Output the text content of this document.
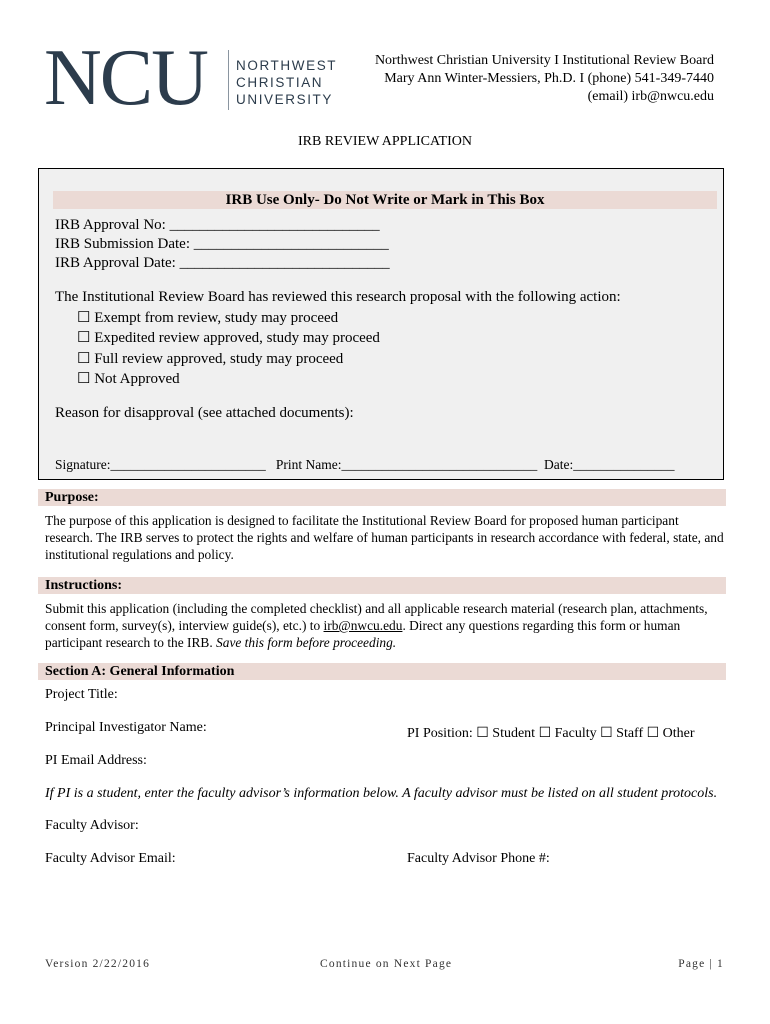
NCU NORTHWEST
CHRISTIAN
UNIVERSITY
Northwest Christian University I Institutional Review Board
Mary Ann Winter-Messiers, Ph.D. I (phone) 541-349-7440
(email) irb@nwcu.edu
IRB REVIEW APPLICATION
IRB Use Only- Do Not Write or Mark in This Box
IRB Approval No: ____________________________
IRB Submission Date: __________________________
IRB Approval Date: ____________________________
The Institutional Review Board has reviewed this research proposal with the following action:
☐ Exempt from review, study may proceed
☐ Expedited review approved, study may proceed
☐ Full review approved, study may proceed
☐ Not Approved
Reason for disapproval (see attached documents):
Signature:_______________________   Print Name:_____________________________  Date:_______________
Purpose:
The purpose of this application is designed to facilitate the Institutional Review Board for proposed human participant research. The IRB serves to protect the rights and welfare of human participants in research accordance with federal, state, and institutional regulations and policy.
Instructions:
Submit this application (including the completed checklist) and all applicable research material (research plan, attachments, consent form, survey(s), interview guide(s), etc.) to irb@nwcu.edu. Direct any questions regarding this form or human participant research to the IRB. Save this form before proceeding.
Section A: General Information
Project Title:
Principal Investigator Name:	PI Position: ☐ Student ☐ Faculty ☐ Staff ☐ Other
PI Email Address:
If PI is a student, enter the faculty advisor’s information below. A faculty advisor must be listed on all student protocols.
Faculty Advisor:
Faculty Advisor Email:	Faculty Advisor Phone #:
Version 2/22/2016	Continue on Next Page	Page | 1
